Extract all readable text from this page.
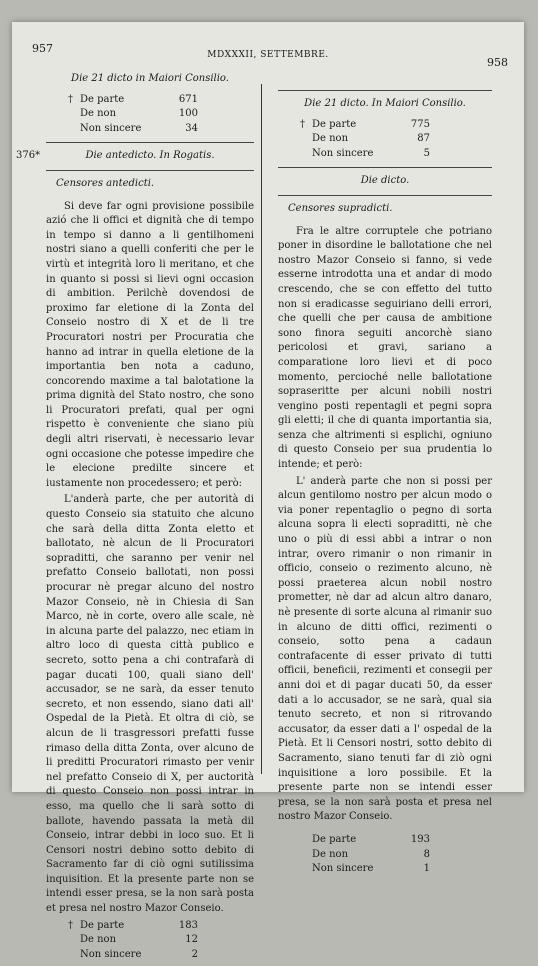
957	MDXXXII, SETTEMBRE.
958
Die 21 dicto in Maiori Consilio.
† De parte	671
De non	100
Non sincere	34
376*	Die antedicto. In Rogatis.
Censores antedicti.

Si deve far ogni provisione possibile azió che li offici et dignità che di tempo in tempo si danno a li gentilhomeni nostri siano a quelli conferiti che per le virtù et integrità loro li meritano, et che in quanto si possi si lievi ogni occasion di ambition. Perilchè dovendosi de proximo far eletione di la Zonta del Conseio nostro di X et de li tre Procuratori nostri per Procuratia che hanno ad intrar in quella eletione de la importantia ben nota a caduno, concorendo maxime a tal balotatione la prima dignità del Stato nostro, che sono li Procuratori prefati, qual per ogni rispetto è conveniente che siano più degli altri riservati, è necessario levar ogni occasione che potesse impedire che le elecione predilte sincere et iustamente non procedessero; et però:

L'anderà parte, che per autorità di questo Conseio sia statuito che alcuno che sarà della ditta Zonta eletto et ballotato, nè alcun de li Procuratori sopraditti, che saranno per venir nel prefatto Conseio ballotati, non possi procurar nè pregar alcuno del nostro Mazor Conseio, nè in Chiesia di San Marco, nè in corte, overo alle scale, nè in alcuna parte del palazzo, nec etiam in altro loco di questa città publico e secreto, sotto pena a chi contrafarà di pagar ducati 100, quali siano dell' accusador, se ne sarà, da esser tenuto secreto, et non essendo, siano dati all' Ospedal de la Pietà. Et oltra di ciò, se alcun de li trasgressori prefatti fusse rimaso della ditta Zonta, over alcuno de li preditti Procuratori rimasto per venir nel prefatto Conseio di X, per auctorità di questo Conseio non possi intrar in esso, ma quello che li sarà sotto di ballote, havendo passata la metà dil Conseio, intrar debbi in loco suo. Et li Censori nostri debino sotto debito di Sacramento far di ciò ogni sutilissima inquisition. Et la presente parte non se intendi esser presa, se la non sarà posta et presa nel nostro Mazor Conseio.

† De parte	183
De non	12
Non sincere	2
Die 21 dicto. In Maiori Consilio.
† De parte	775
De non	87
Non sincere	5
Die dicto.
Censores supradicti.

Fra le altre corruptele che potriano poner in disordine le ballotatione che nel nostro Mazor Conseio si fanno, si vede esserne introdotta una et andar di modo crescendo, che se con effetto del tutto non si eradicasse seguiriano delli errori, che quelli che per causa de ambitione sono finora seguiti ancorchè siano pericolosi et gravi, sariano a comparatione loro lievi et di poco momento, percioché nelle ballotatione sopraseritte per alcuni nobili nostri vengino posti repentagli et pegni sopra gli eletti; il che di quanta importantia sia, senza che altrimenti si esplichi, ogniuno di questo Conseio per sua prudentia lo intende; et però:

L' anderà parte che non si possi per alcun gentilomo nostro per alcun modo o via poner repentaglio o pegno di sorta alcuna sopra li electi sopraditti, nè che uno o più di essi abbi a intrar o non intrar, overo rimanir o non rimanir in officio, conseio o rezimento alcuno, nè possi praeterea alcun nobil nostro prometter, nè dar ad alcun altro danaro, nè presente di sorte alcuna al rimanir suo in alcuno de ditti offici, rezimenti o conseio, sotto pena a cadaun contrafacente di esser privato di tutti officii, beneficii, rezimenti et consegii per anni doi et di pagar ducati 50, da esser dati a lo accusador, se ne sarà, qual sia tenuto secreto, et non si ritrovando accusator, da esser dati a l' ospedal de la Pietà. Et li Censori nostri, sotto debito di Sacramento, siano tenuti far di ziò ogni inquisitione a loro possibile. Et la presente parte non se intendi esser presa, se la non sarà posta et presa nel nostro Mazor Conseio.

De parte	193
De non	8
Non sincere	1
